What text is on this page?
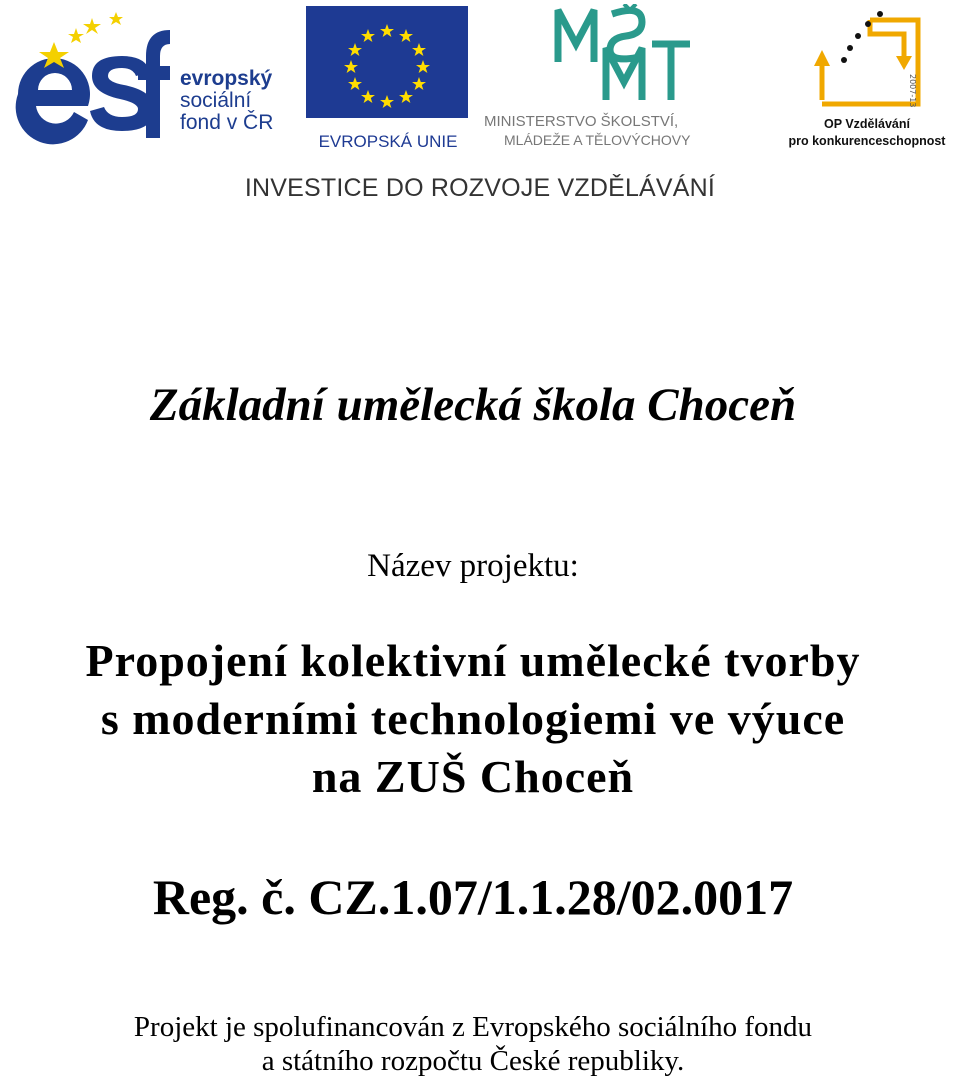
evropský
sociální
fond v ČR
EVROPSKÁ UNIE
MINISTERSTVO ŠKOLSTVÍ,
MLÁDEŽE A TĚLOVÝCHOVY
2007-13
OP Vzdělávání
pro konkurenceschopnost
INVESTICE DO ROZVOJE VZDĚLÁVÁNÍ
Základní umělecká škola Choceň
Název projektu:
Propojení kolektivní umělecké tvorby
s moderními technologiemi ve výuce
na ZUŠ Choceň
Reg. č. CZ.1.07/1.1.28/02.0017
Projekt je spolufinancován z Evropského sociálního fondu
a státního rozpočtu České republiky.
